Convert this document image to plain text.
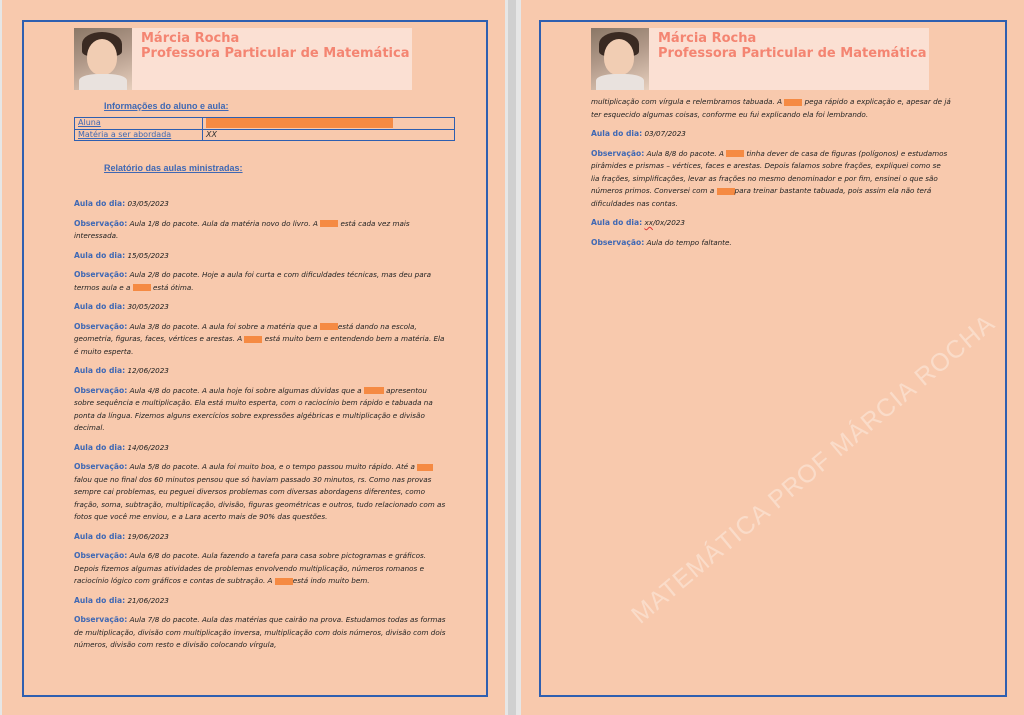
Márcia Rocha
Professora Particular de Matemática
Informações do aluno e aula:
Aluna	
Matéria a ser abordada	XX
Relatório das aulas ministradas:

Aula do dia: 03/05/2023

Observação: Aula 1/8 do pacote. Aula da matéria novo do livro. A	está cada vez mais interessada.

Aula do dia: 15/05/2023

Observação: Aula 2/8 do pacote. Hoje a aula foi curta e com dificuldades técnicas, mas deu para termos aula e a	está ótima.

Aula do dia: 30/05/2023

Observação: Aula 3/8 do pacote. A aula foi sobre a matéria que a	está dando na escola, geometria, figuras, faces, vértices e arestas. A	está muito bem e entendendo bem a matéria. Ela é muito esperta.

Aula do dia: 12/06/2023

Observação: Aula 4/8 do pacote. A aula hoje foi sobre algumas dúvidas que a	apresentou sobre sequência e multiplicação. Ela está muito esperta, com o raciocínio bem rápido e tabuada na ponta da língua. Fizemos alguns exercícios sobre expressões algébricas e multiplicação e divisão decimal.

Aula do dia: 14/06/2023

Observação: Aula 5/8 do pacote. A aula foi muito boa, e o tempo passou muito rápido. Até a falou que no final dos 60 minutos pensou que só haviam passado 30 minutos, rs. Como nas provas sempre cai problemas, eu peguei diversos problemas com diversas abordagens diferentes, como fração, soma, subtração, multiplicação, divisão, figuras geométricas e outros, tudo relacionado com as fotos que você me enviou, e a Lara acerto mais de 90% das questões.

Aula do dia: 19/06/2023

Observação: Aula 6/8 do pacote. Aula fazendo a tarefa para casa sobre pictogramas e gráficos. Depois fizemos algumas atividades de problemas envolvendo multiplicação, números romanos e raciocínio lógico com gráficos e contas de subtração. A	está indo muito bem.

Aula do dia: 21/06/2023

Observação: Aula 7/8 do pacote. Aula das matérias que cairão na prova. Estudamos todas as formas de multiplicação, divisão com multiplicação inversa, multiplicação com dois números, divisão com dois números, divisão com resto e divisão colocando vírgula,

MATEMÁTICA PROF MÁRCIA ROCHA
Márcia Rocha
Professora Particular de Matemática

multiplicação com vírgula e relembramos tabuada. A	pega rápido a explicação e, apesar de já ter esquecido algumas coisas, conforme eu fui explicando ela foi lembrando.

Aula do dia: 03/07/2023

Observação: Aula 8/8 do pacote. A	tinha dever de casa de figuras (polígonos) e estudamos pirâmides e prismas – vértices, faces e arestas. Depois falamos sobre frações, expliquei como se lia frações, simplificações, levar as frações no mesmo denominador e por fim, ensinei o que são números primos. Conversei com a	para treinar bastante tabuada, pois assim ela não terá dificuldades nas contas.

Aula do dia: xx/0x/2023

Observação: Aula do tempo faltante.
